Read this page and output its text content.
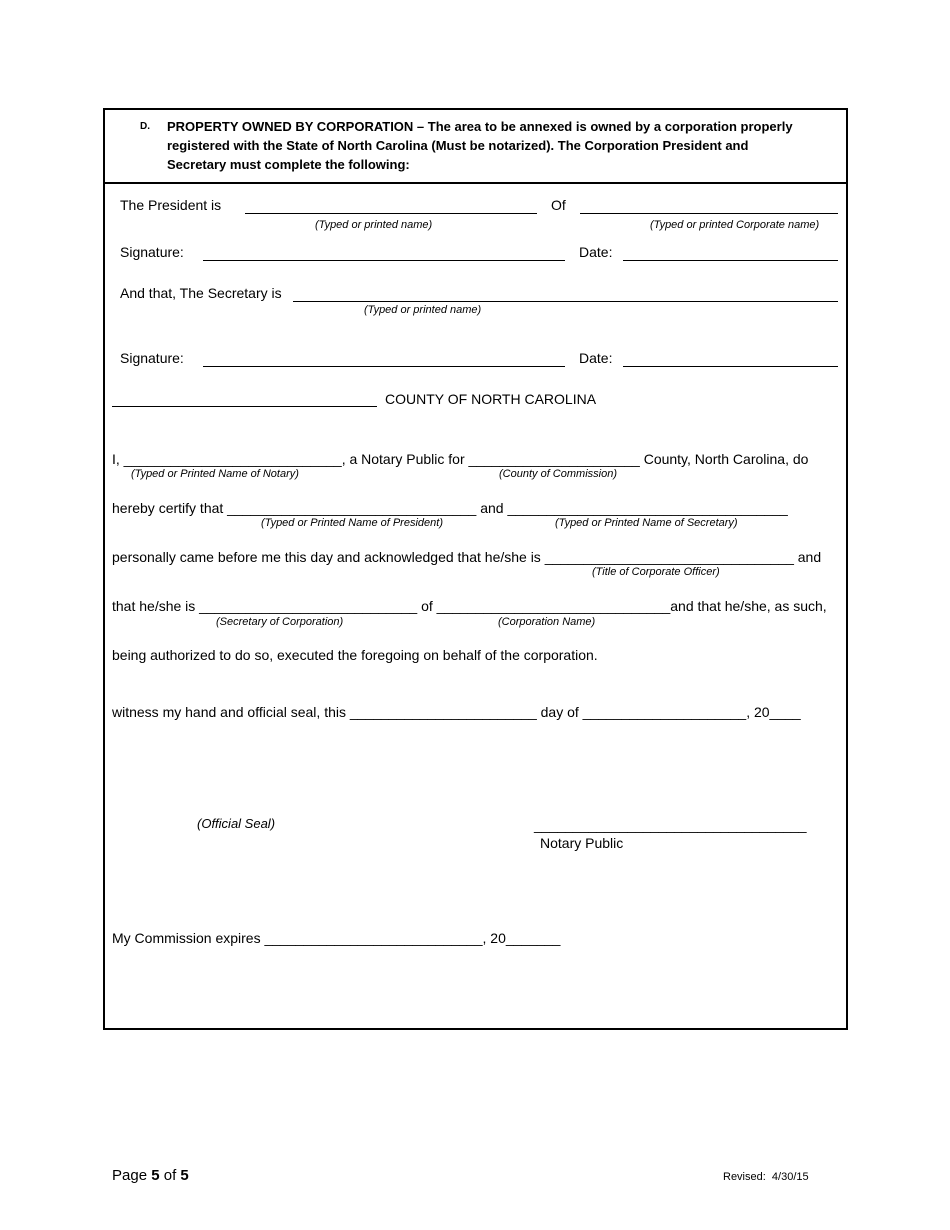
D. PROPERTY OWNED BY CORPORATION – The area to be annexed is owned by a corporation properly
registered with the State of North Carolina (Must be notarized). The Corporation President and
Secretary must complete the following:
The President is	Of
(Typed or printed name)	(Typed or printed Corporate name)
Signature:	Date:
And that, The Secretary is
(Typed or printed name)
Signature:	Date:
COUNTY OF NORTH CAROLINA
I, ____________________________, a Notary Public for ______________________ County, North Carolina, do
(Typed or Printed Name of Notary)	(County of Commission)
hereby certify that ________________________________ and ____________________________________
(Typed or Printed Name of President)	(Typed or Printed Name of Secretary)
personally came before me this day and acknowledged that he/she is ________________________________ and
(Title of Corporate Officer)
that he/she is ____________________________ of ______________________________and that he/she, as such,
(Secretary of Corporation)	(Corporation Name)
being authorized to do so, executed the foregoing on behalf of the corporation.
witness my hand and official seal, this ________________________ day of _____________________, 20____
(Official Seal)	___________________________________
Notary Public
My Commission expires ____________________________, 20_______
Page 5 of 5	Revised:  4/30/15
